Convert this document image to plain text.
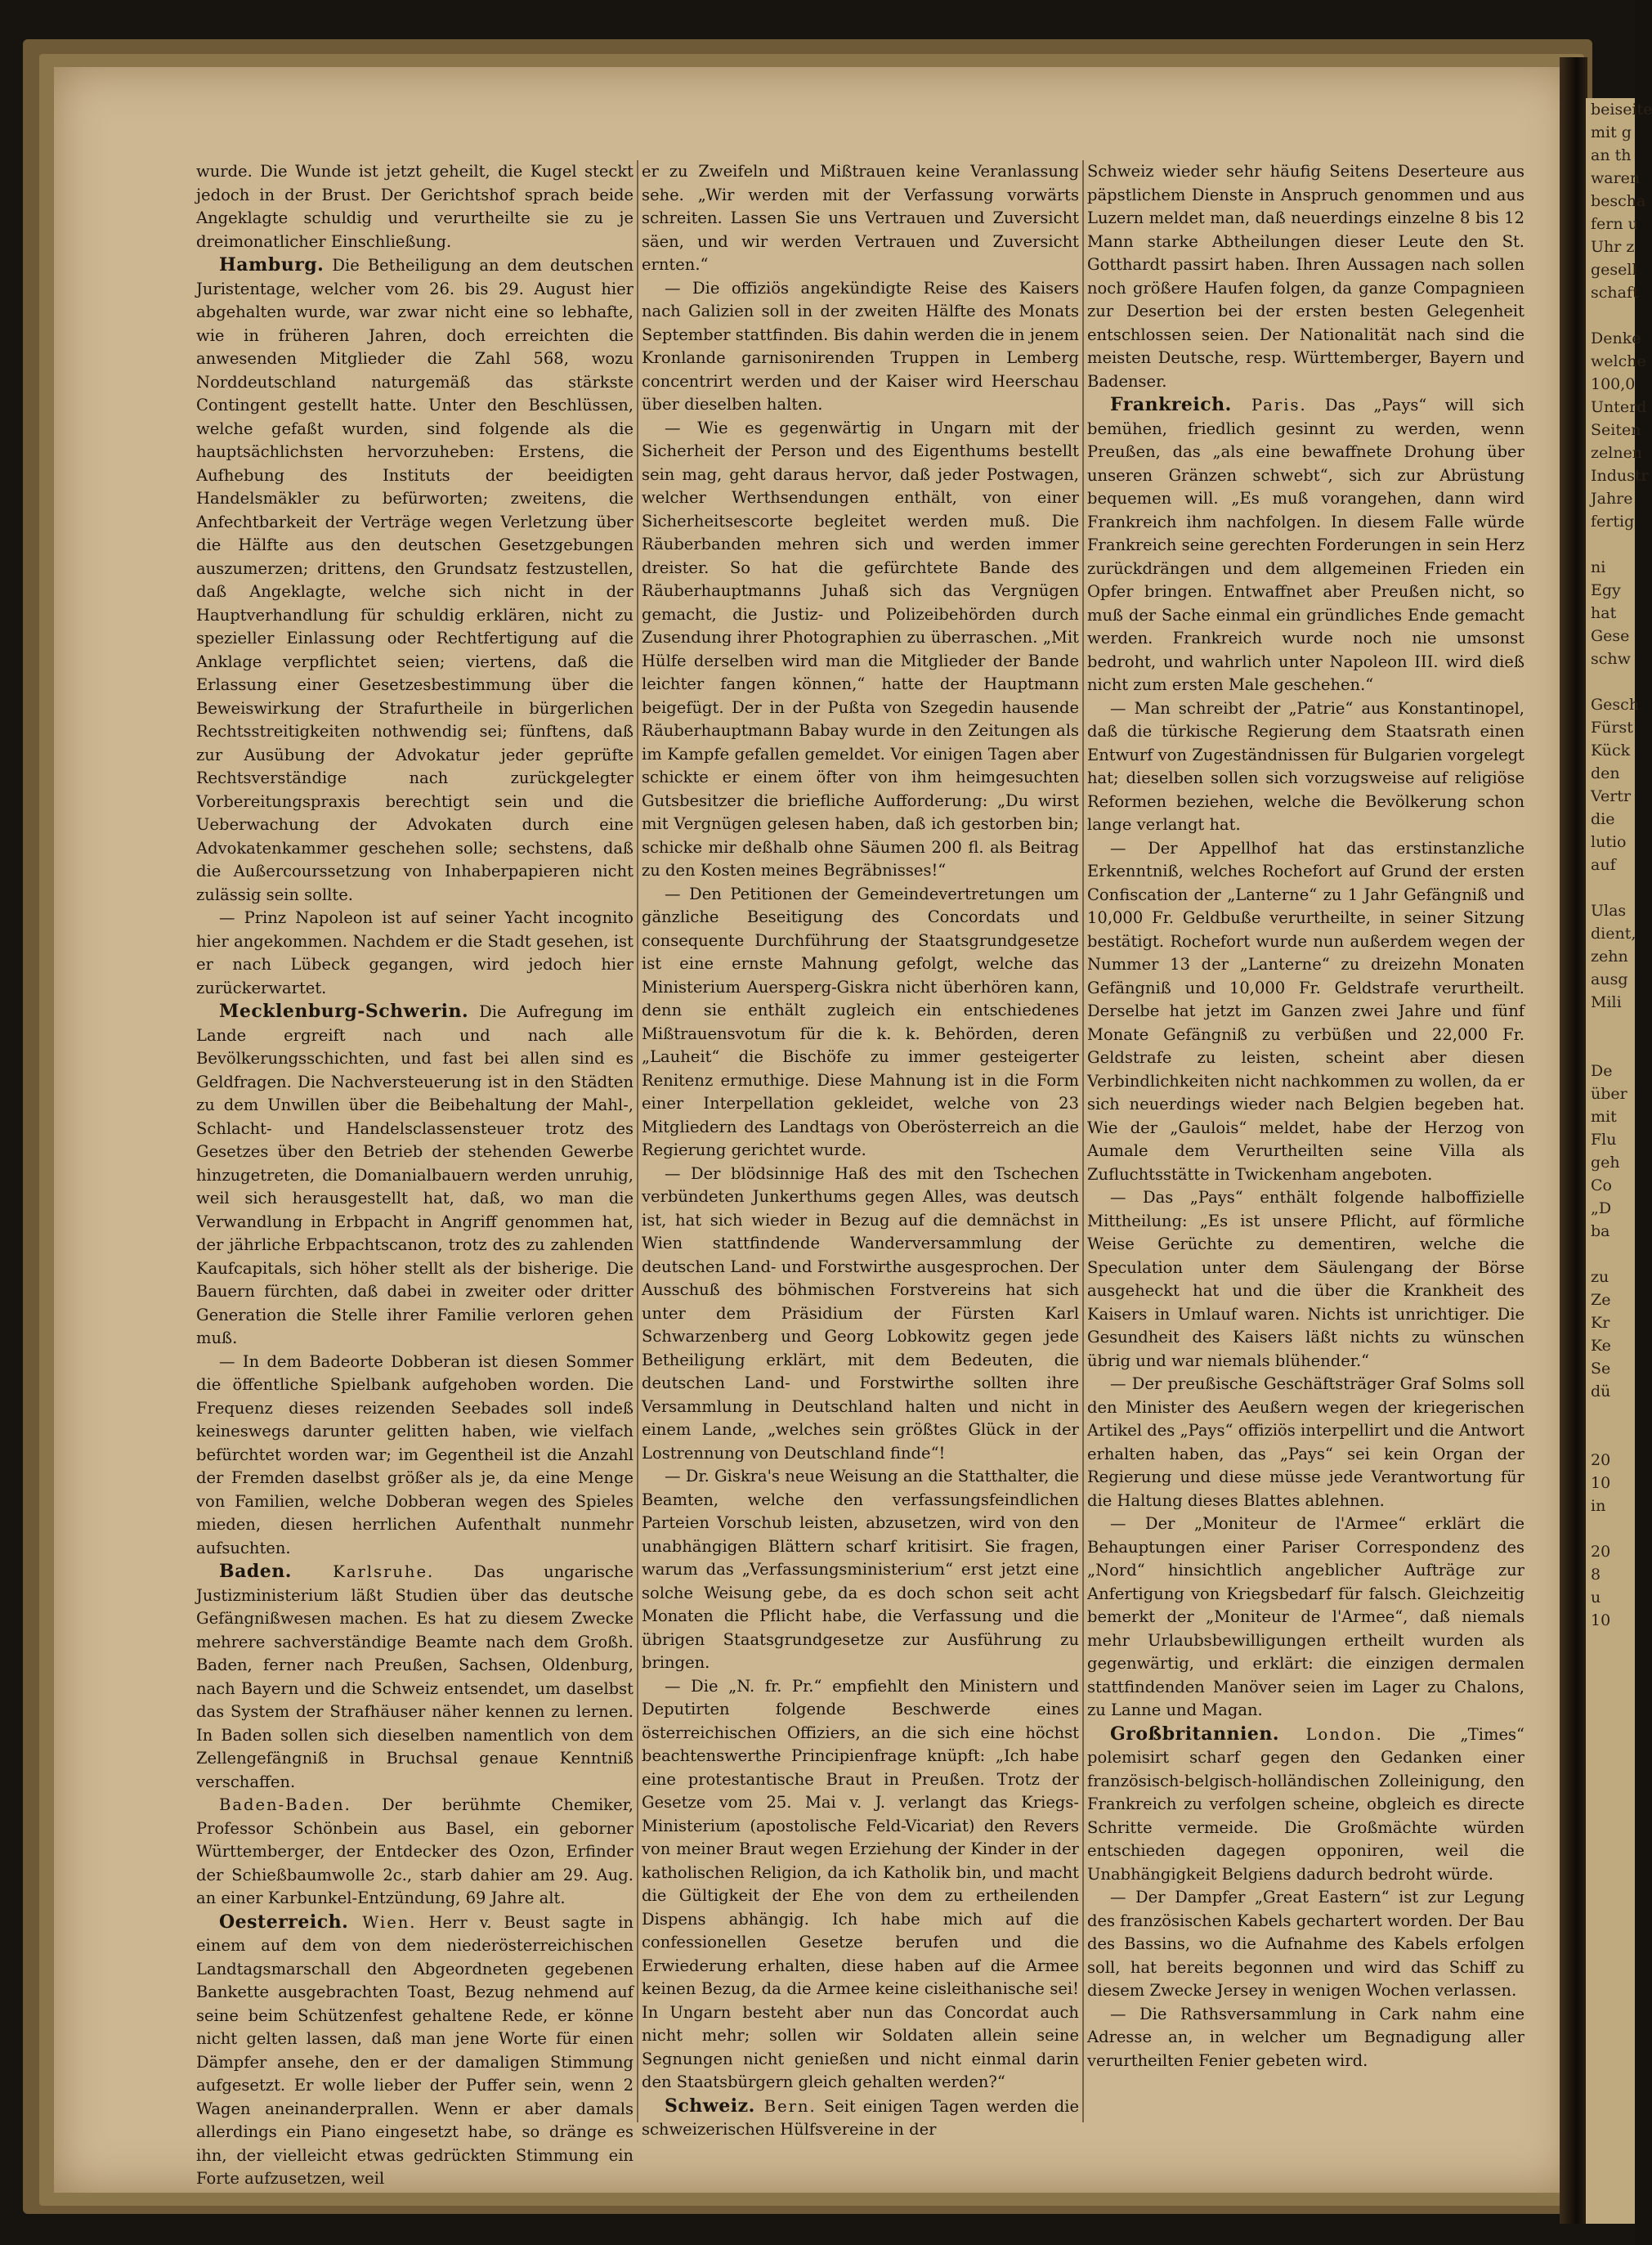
beiseite
mit g
an th
waren
bescha
fern u
Uhr z
gesell
schaft

Denke
welche
100,0
Unterd
Seiten
zelnen
Industr
Jahre
fertig

ni
Egy
hat
Gese
schw

Gesch
Fürst
Kück
den
Vertr
die
lutio
auf

Ulas
dient,
zehn
ausg
Mili

De
über
mit
Flu
geh
Co
„D
ba

zu
Ze
Kr
Ke
Se
dü

20
10
in

20
8
u
10

wurde. Die Wunde ist jetzt geheilt, die Kugel steckt jedoch in der Brust. Der Gerichtshof sprach beide Angeklagte schuldig und verurtheilte sie zu je dreimonatlicher Einschließung.

Hamburg. Die Betheiligung an dem deutschen Juristentage, welcher vom 26. bis 29. August hier abgehalten wurde, war zwar nicht eine so lebhafte, wie in früheren Jahren, doch erreichten die anwesenden Mitglieder die Zahl 568, wozu Norddeutschland naturgemäß das stärkste Contingent gestellt hatte. Unter den Beschlüssen, welche gefaßt wurden, sind folgende als die hauptsächlichsten hervorzuheben: Erstens, die Aufhebung des Instituts der beeidigten Handelsmäkler zu befürworten; zweitens, die Anfechtbarkeit der Verträge wegen Verletzung über die Hälfte aus den deutschen Gesetzgebungen auszumerzen; drittens, den Grundsatz festzustellen, daß Angeklagte, welche sich nicht in der Hauptverhandlung für schuldig erklären, nicht zu spezieller Einlassung oder Rechtfertigung auf die Anklage verpflichtet seien; viertens, daß die Erlassung einer Gesetzesbestimmung über die Beweiswirkung der Strafurtheile in bürgerlichen Rechtsstreitigkeiten nothwendig sei; fünftens, daß zur Ausübung der Advokatur jeder geprüfte Rechtsverständige nach zurückgelegter Vorbereitungspraxis berechtigt sein und die Ueberwachung der Advokaten durch eine Advokatenkammer geschehen solle; sechstens, daß die Außercourssetzung von Inhaberpapieren nicht zulässig sein sollte.

— Prinz Napoleon ist auf seiner Yacht incognito hier angekommen. Nachdem er die Stadt gesehen, ist er nach Lübeck gegangen, wird jedoch hier zurückerwartet.

Mecklenburg-Schwerin. Die Aufregung im Lande ergreift nach und nach alle Bevölkerungsschichten, und fast bei allen sind es Geldfragen. Die Nachversteuerung ist in den Städten zu dem Unwillen über die Beibehaltung der Mahl-, Schlacht- und Handelsclassensteuer trotz des Gesetzes über den Betrieb der stehenden Gewerbe hinzugetreten, die Domanialbauern werden unruhig, weil sich herausgestellt hat, daß, wo man die Verwandlung in Erbpacht in Angriff genommen hat, der jährliche Erbpachtscanon, trotz des zu zahlenden Kaufcapitals, sich höher stellt als der bisherige. Die Bauern fürchten, daß dabei in zweiter oder dritter Generation die Stelle ihrer Familie verloren gehen muß.

— In dem Badeorte Dobberan ist diesen Sommer die öffentliche Spielbank aufgehoben worden. Die Frequenz dieses reizenden Seebades soll indeß keineswegs darunter gelitten haben, wie vielfach befürchtet worden war; im Gegentheil ist die Anzahl der Fremden daselbst größer als je, da eine Menge von Familien, welche Dobberan wegen des Spieles mieden, diesen herrlichen Aufenthalt nunmehr aufsuchten.

Baden. Karlsruhe. Das ungarische Justizministerium läßt Studien über das deutsche Gefängnißwesen machen. Es hat zu diesem Zwecke mehrere sachverständige Beamte nach dem Großh. Baden, ferner nach Preußen, Sachsen, Oldenburg, nach Bayern und die Schweiz entsendet, um daselbst das System der Strafhäuser näher kennen zu lernen. In Baden sollen sich dieselben namentlich von dem Zellengefängniß in Bruchsal genaue Kenntniß verschaffen.

Baden-Baden. Der berühmte Chemiker, Professor Schönbein aus Basel, ein geborner Württemberger, der Entdecker des Ozon, Erfinder der Schießbaumwolle 2c., starb dahier am 29. Aug. an einer Karbunkel-Entzündung, 69 Jahre alt.

Oesterreich. Wien. Herr v. Beust sagte in einem auf dem von dem niederösterreichischen Landtagsmarschall den Abgeordneten gegebenen Bankette ausgebrachten Toast, Bezug nehmend auf seine beim Schützenfest gehaltene Rede, er könne nicht gelten lassen, daß man jene Worte für einen Dämpfer ansehe, den er der damaligen Stimmung aufgesetzt. Er wolle lieber der Puffer sein, wenn 2 Wagen aneinanderprallen. Wenn er aber damals allerdings ein Piano eingesetzt habe, so dränge es ihn, der vielleicht etwas gedrückten Stimmung ein Forte aufzusetzen, weil

er zu Zweifeln und Mißtrauen keine Veranlassung sehe. „Wir werden mit der Verfassung vorwärts schreiten. Lassen Sie uns Vertrauen und Zuversicht säen, und wir werden Vertrauen und Zuversicht ernten.“

— Die offiziös angekündigte Reise des Kaisers nach Galizien soll in der zweiten Hälfte des Monats September stattfinden. Bis dahin werden die in jenem Kronlande garnisonirenden Truppen in Lemberg concentrirt werden und der Kaiser wird Heerschau über dieselben halten.

— Wie es gegenwärtig in Ungarn mit der Sicherheit der Person und des Eigenthums bestellt sein mag, geht daraus hervor, daß jeder Postwagen, welcher Werthsendungen enthält, von einer Sicherheitsescorte begleitet werden muß. Die Räuberbanden mehren sich und werden immer dreister. So hat die gefürchtete Bande des Räuberhauptmanns Juhaß sich das Vergnügen gemacht, die Justiz- und Polizeibehörden durch Zusendung ihrer Photographien zu überraschen. „Mit Hülfe derselben wird man die Mitglieder der Bande leichter fangen können,“ hatte der Hauptmann beigefügt. Der in der Pußta von Szegedin hausende Räuberhauptmann Babay wurde in den Zeitungen als im Kampfe gefallen gemeldet. Vor einigen Tagen aber schickte er einem öfter von ihm heimgesuchten Gutsbesitzer die briefliche Aufforderung: „Du wirst mit Vergnügen gelesen haben, daß ich gestorben bin; schicke mir deßhalb ohne Säumen 200 fl. als Beitrag zu den Kosten meines Begräbnisses!“

— Den Petitionen der Gemeindevertretungen um gänzliche Beseitigung des Concordats und consequente Durchführung der Staatsgrundgesetze ist eine ernste Mahnung gefolgt, welche das Ministerium Auersperg-Giskra nicht überhören kann, denn sie enthält zugleich ein entschiedenes Mißtrauensvotum für die k. k. Behörden, deren „Lauheit“ die Bischöfe zu immer gesteigerter Renitenz ermuthige. Diese Mahnung ist in die Form einer Interpellation gekleidet, welche von 23 Mitgliedern des Landtags von Oberösterreich an die Regierung gerichtet wurde.

— Der blödsinnige Haß des mit den Tschechen verbündeten Junkerthums gegen Alles, was deutsch ist, hat sich wieder in Bezug auf die demnächst in Wien stattfindende Wanderversammlung der deutschen Land- und Forstwirthe ausgesprochen. Der Ausschuß des böhmischen Forstvereins hat sich unter dem Präsidium der Fürsten Karl Schwarzenberg und Georg Lobkowitz gegen jede Betheiligung erklärt, mit dem Bedeuten, die deutschen Land- und Forstwirthe sollten ihre Versammlung in Deutschland halten und nicht in einem Lande, „welches sein größtes Glück in der Lostrennung von Deutschland finde“!

— Dr. Giskra's neue Weisung an die Statthalter, die Beamten, welche den verfassungsfeindlichen Parteien Vorschub leisten, abzusetzen, wird von den unabhängigen Blättern scharf kritisirt. Sie fragen, warum das „Verfassungsministerium“ erst jetzt eine solche Weisung gebe, da es doch schon seit acht Monaten die Pflicht habe, die Verfassung und die übrigen Staatsgrundgesetze zur Ausführung zu bringen.

— Die „N. fr. Pr.“ empfiehlt den Ministern und Deputirten folgende Beschwerde eines österreichischen Offiziers, an die sich eine höchst beachtenswerthe Principienfrage knüpft: „Ich habe eine protestantische Braut in Preußen. Trotz der Gesetze vom 25. Mai v. J. verlangt das Kriegs-Ministerium (apostolische Feld-Vicariat) den Revers von meiner Braut wegen Erziehung der Kinder in der katholischen Religion, da ich Katholik bin, und macht die Gültigkeit der Ehe von dem zu ertheilenden Dispens abhängig. Ich habe mich auf die confessionellen Gesetze berufen und die Erwiederung erhalten, diese haben auf die Armee keinen Bezug, da die Armee keine cisleithanische sei! In Ungarn besteht aber nun das Concordat auch nicht mehr; sollen wir Soldaten allein seine Segnungen nicht genießen und nicht einmal darin den Staatsbürgern gleich gehalten werden?“

Schweiz. Bern. Seit einigen Tagen werden die schweizerischen Hülfsvereine in der

Schweiz wieder sehr häufig Seitens Deserteure aus päpstlichem Dienste in Anspruch genommen und aus Luzern meldet man, daß neuerdings einzelne 8 bis 12 Mann starke Abtheilungen dieser Leute den St. Gotthardt passirt haben. Ihren Aussagen nach sollen noch größere Haufen folgen, da ganze Compagnieen zur Desertion bei der ersten besten Gelegenheit entschlossen seien. Der Nationalität nach sind die meisten Deutsche, resp. Württemberger, Bayern und Badenser.

Frankreich. Paris. Das „Pays“ will sich bemühen, friedlich gesinnt zu werden, wenn Preußen, das „als eine bewaffnete Drohung über unseren Gränzen schwebt“, sich zur Abrüstung bequemen will. „Es muß vorangehen, dann wird Frankreich ihm nachfolgen. In diesem Falle würde Frankreich seine gerechten Forderungen in sein Herz zurückdrängen und dem allgemeinen Frieden ein Opfer bringen. Entwaffnet aber Preußen nicht, so muß der Sache einmal ein gründliches Ende gemacht werden. Frankreich wurde noch nie umsonst bedroht, und wahrlich unter Napoleon III. wird dieß nicht zum ersten Male geschehen.“

— Man schreibt der „Patrie“ aus Konstantinopel, daß die türkische Regierung dem Staatsrath einen Entwurf von Zugeständnissen für Bulgarien vorgelegt hat; dieselben sollen sich vorzugsweise auf religiöse Reformen beziehen, welche die Bevölkerung schon lange verlangt hat.

— Der Appellhof hat das erstinstanzliche Erkenntniß, welches Rochefort auf Grund der ersten Confiscation der „Lanterne“ zu 1 Jahr Gefängniß und 10,000 Fr. Geldbuße verurtheilte, in seiner Sitzung bestätigt. Rochefort wurde nun außerdem wegen der Nummer 13 der „Lanterne“ zu dreizehn Monaten Gefängniß und 10,000 Fr. Geldstrafe verurtheilt. Derselbe hat jetzt im Ganzen zwei Jahre und fünf Monate Gefängniß zu verbüßen und 22,000 Fr. Geldstrafe zu leisten, scheint aber diesen Verbindlichkeiten nicht nachkommen zu wollen, da er sich neuerdings wieder nach Belgien begeben hat. Wie der „Gaulois“ meldet, habe der Herzog von Aumale dem Verurtheilten seine Villa als Zufluchtsstätte in Twickenham angeboten.

— Das „Pays“ enthält folgende halboffizielle Mittheilung: „Es ist unsere Pflicht, auf förmliche Weise Gerüchte zu dementiren, welche die Speculation unter dem Säulengang der Börse ausgeheckt hat und die über die Krankheit des Kaisers in Umlauf waren. Nichts ist unrichtiger. Die Gesundheit des Kaisers läßt nichts zu wünschen übrig und war niemals blühender.“

— Der preußische Geschäftsträger Graf Solms soll den Minister des Aeußern wegen der kriegerischen Artikel des „Pays“ offiziös interpellirt und die Antwort erhalten haben, das „Pays“ sei kein Organ der Regierung und diese müsse jede Verantwortung für die Haltung dieses Blattes ablehnen.

— Der „Moniteur de l'Armee“ erklärt die Behauptungen einer Pariser Correspondenz des „Nord“ hinsichtlich angeblicher Aufträge zur Anfertigung von Kriegsbedarf für falsch. Gleichzeitig bemerkt der „Moniteur de l'Armee“, daß niemals mehr Urlaubsbewilligungen ertheilt wurden als gegenwärtig, und erklärt: die einzigen dermalen stattfindenden Manöver seien im Lager zu Chalons, zu Lanne und Magan.

Großbritannien. London. Die „Times“ polemisirt scharf gegen den Gedanken einer französisch-belgisch-holländischen Zolleinigung, den Frankreich zu verfolgen scheine, obgleich es directe Schritte vermeide. Die Großmächte würden entschieden dagegen opponiren, weil die Unabhängigkeit Belgiens dadurch bedroht würde.

— Der Dampfer „Great Eastern“ ist zur Legung des französischen Kabels gechartert worden. Der Bau des Bassins, wo die Aufnahme des Kabels erfolgen soll, hat bereits begonnen und wird das Schiff zu diesem Zwecke Jersey in wenigen Wochen verlassen.

— Die Rathsversammlung in Cark nahm eine Adresse an, in welcher um Begnadigung aller verurtheilten Fenier gebeten wird.
